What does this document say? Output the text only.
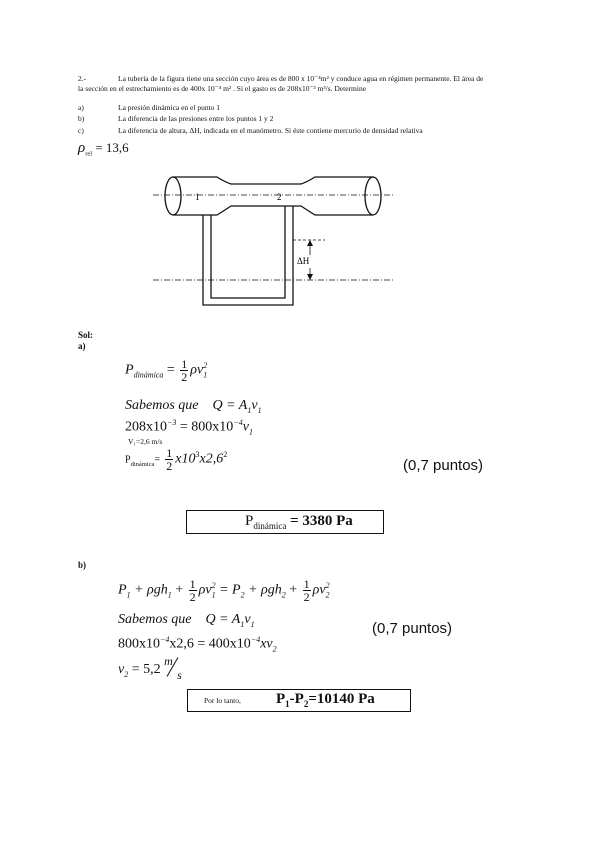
2.-	La tubería de la figura tiene una sección cuyo área es de 800 x 10⁻⁴m² y conduce agua en régimen permanente. El área de
la sección en el estrechamiento es de 400x 10⁻⁴ m² . Si el gasto es de 208x10⁻³ m³/s. Determine
a)	La presión dinámica en el punto 1
b)	La diferencia de las presiones entre los puntos 1 y 2
c)	La diferencia de altura, ΔH, indicada en el manómetro. Si éste contiene mercurio de densidad relativa
$\rho_{rel} = 13,6$
1	2
ΔH
Sol:
a)
$P_{dinámica} = \frac{1}{2} \rho v_1^2$
Sabemos que $Q = A_1v_1$
$208x10^{-3} = 800x10^{-4}v_1$
V₁=2,6 m/s
$P_{dinámica}= \frac{1}{2} x10^3x2,6^2$
(0,7 puntos)
$P_{dinámica} = 3380$ Pa
b)
$P_1 + \rho gh_1 + \frac{1}{2} \rho v_1^2 = P_2 + \rho gh_2 + \frac{1}{2} \rho v_2^2$
Sabemos que $Q = A_1v_1$	(0,7 puntos)
$800x10^{-4}x2,6 = 400x10^{-4}xv_2$
$v_2 = 5,2$
m
s
Por lo tanto, $P_1-P_2=10140$ Pa
